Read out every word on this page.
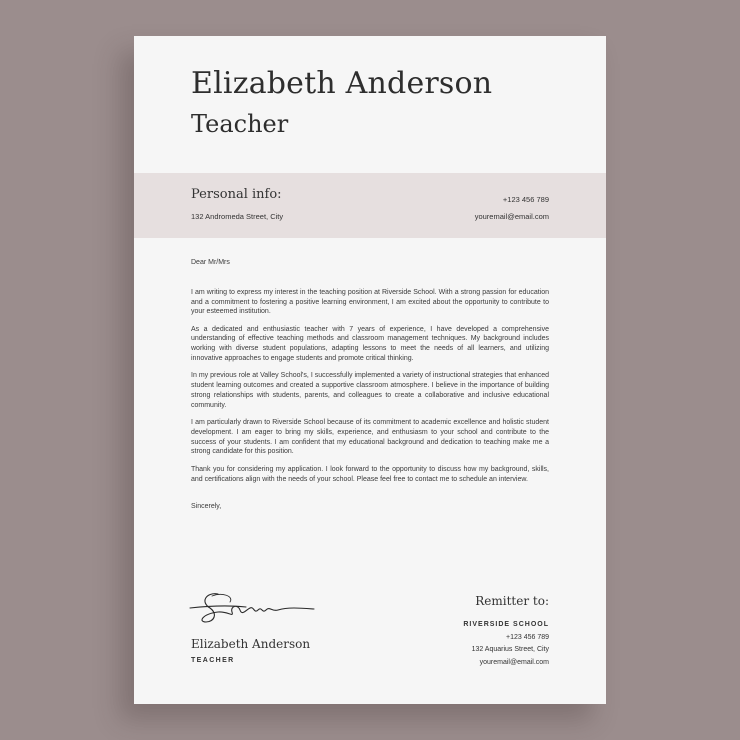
Elizabeth Anderson
Teacher
Personal info:
132 Andromeda Street, City
+123 456 789
youremail@email.com

Dear Mr/Mrs

I am writing to express my interest in the teaching position at Riverside School. With a strong passion for education and a commitment to fostering a positive learning environment, I am excited about the opportunity to contribute to your esteemed institution.

As a dedicated and enthusiastic teacher with 7 years of experience, I have developed a comprehensive understanding of effective teaching methods and classroom management techniques. My background includes working with diverse student populations, adapting lessons to meet the needs of all learners, and utilizing innovative approaches to engage students and promote critical thinking.

In my previous role at Valley School's, I successfully implemented a variety of instructional strategies that enhanced student learning outcomes and created a supportive classroom atmosphere. I believe in the importance of building strong relationships with students, parents, and colleagues to create a collaborative and inclusive educational community.

I am particularly drawn to Riverside School because of its commitment to academic excellence and holistic student development. I am eager to bring my skills, experience, and enthusiasm to your school and contribute to the success of your students. I am confident that my educational background and dedication to teaching make me a strong candidate for this position.

Thank you for considering my application. I look forward to the opportunity to discuss how my background, skills, and certifications align with the needs of your school. Please feel free to contact me to schedule an interview.

Sincerely,

Elizabeth Anderson
TEACHER
Remitter to:
RIVERSIDE SCHOOL
+123 456 789
132 Aquarius Street, City
youremail@email.com
